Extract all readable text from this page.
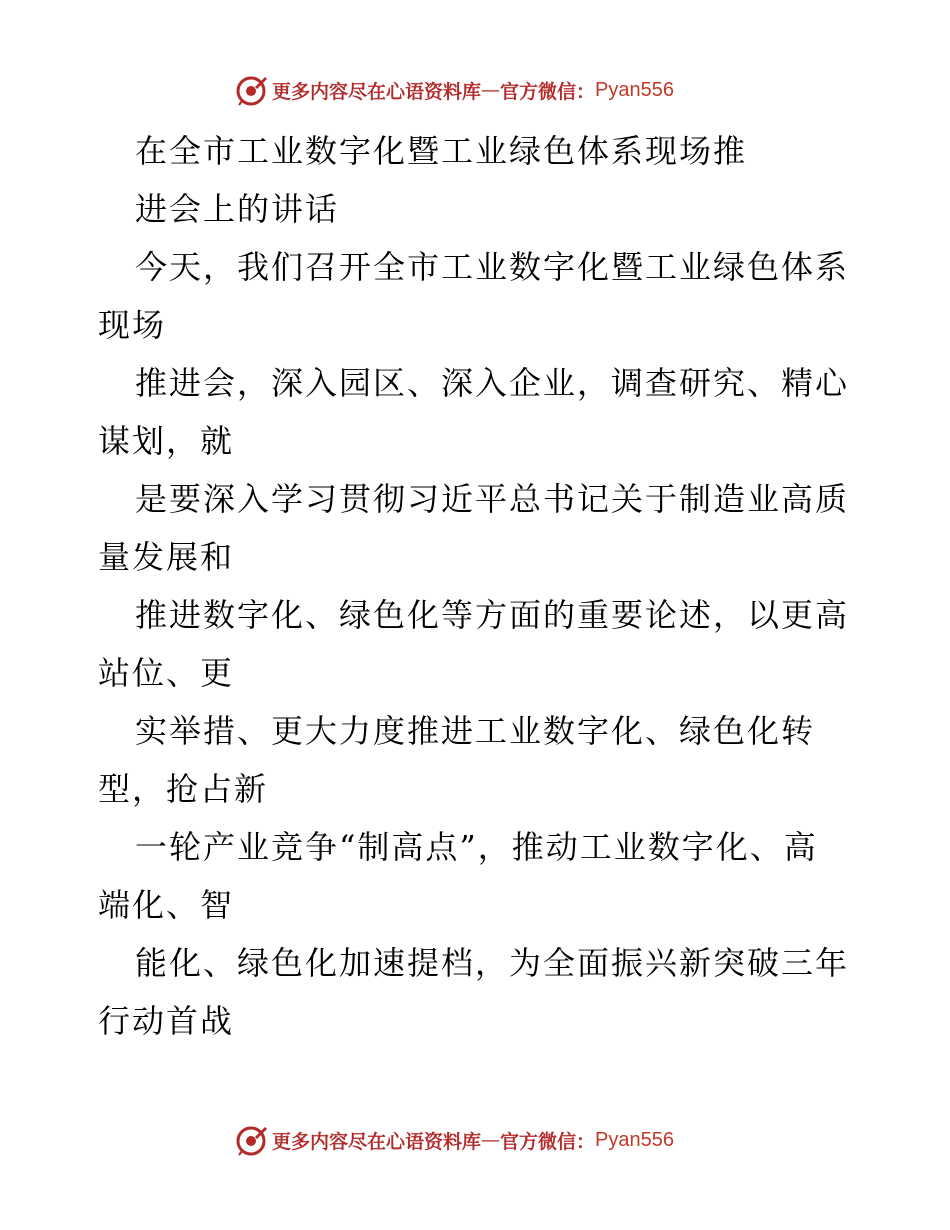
更多内容尽在心语资料库 — 官方微信： Pyan556
在全市工业数字化暨工业绿色体系现场推
进会上的讲话
今天，我们召开全市工业数字化暨工业绿色体系
现场
推进会，深入园区、深入企业，调查研究、精心
谋划，就
是要深入学习贯彻习近平总书记关于制造业高质
量发展和
推进数字化、绿色化等方面的重要论述，以更高
站位、更
实举措、更大力度推进工业数字化、绿色化转
型，抢占新
一轮产业竞争“制高点”，推动工业数字化、高
端化、智
能化、绿色化加速提档，为全面振兴新突破三年
行动首战
更多内容尽在心语资料库 — 官方微信： Pyan556
